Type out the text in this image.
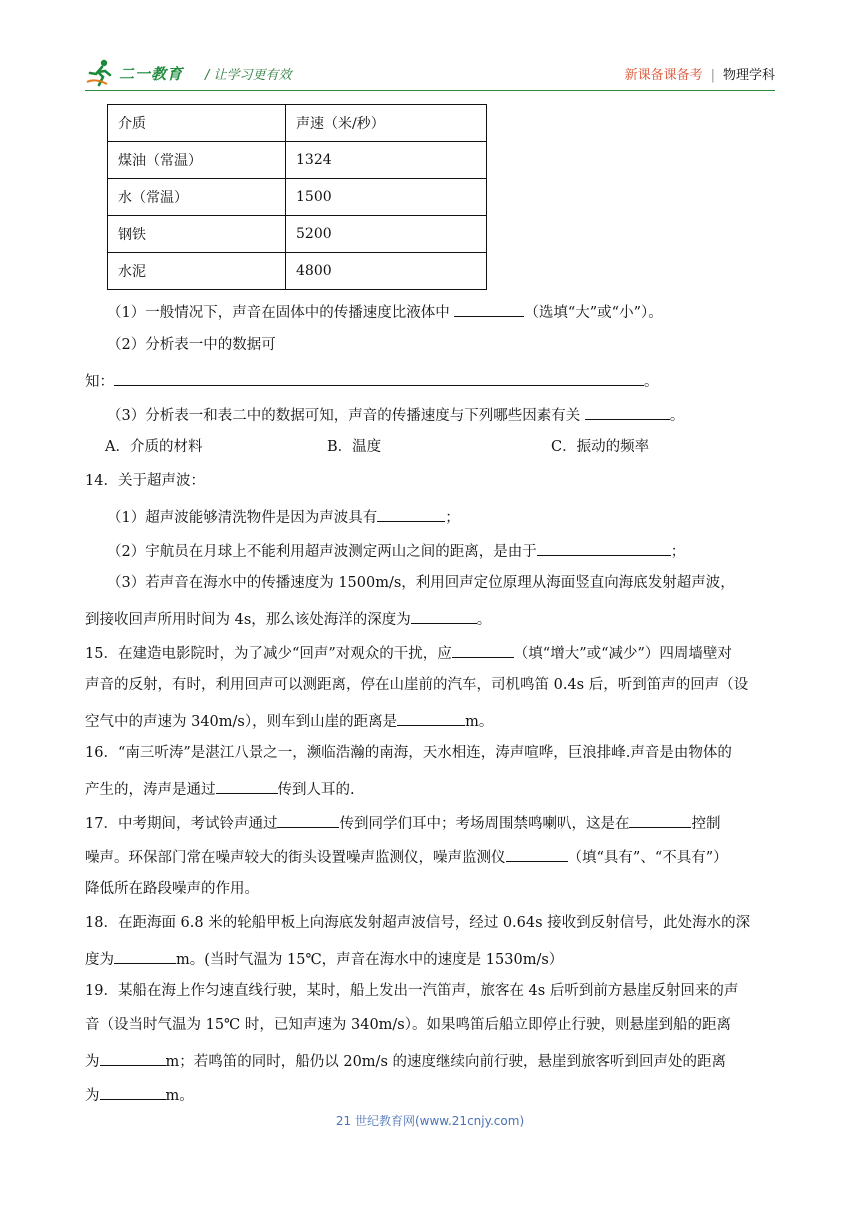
二一教育 / 让学习更有效	新课备课备考 | 物理学科
介质	声速（米/秒）
煤油（常温）	1324
水（常温）	1500
钢铁	5200
水泥	4800
（1）一般情况下，声音在固体中的传播速度比液体中	（选填“大”或“小”）。
（2）分析表一中的数据可
知：	。
（3）分析表一和表二中的数据可知，声音的传播速度与下列哪些因素有关	。
A．介质的材料	B．温度	C．振动的频率
14．关于超声波：
（1）超声波能够清洗物件是因为声波具有	；
（2）宇航员在月球上不能利用超声波测定两山之间的距离，是由于	；
（3）若声音在海水中的传播速度为 1500m/s，利用回声定位原理从海面竖直向海底发射超声波，
到接收回声所用时间为 4s，那么该处海洋的深度为	。
15．在建造电影院时，为了减少“回声”对观众的干扰，应	（填“增大”或“减少”）四周墙壁对
声音的反射，有时，利用回声可以测距离，停在山崖前的汽车，司机鸣笛 0.4s 后，听到笛声的回声（设
空气中的声速为 340m/s），则车到山崖的距离是	m。
16．“南三听涛”是湛江八景之一，濒临浩瀚的南海，天水相连，涛声喧哗，巨浪排峰.声音是由物体的
产生的，涛声是通过	传到人耳的.
17．中考期间，考试铃声通过	传到同学们耳中；考场周围禁鸣喇叭，这是在	控制
噪声。环保部门常在噪声较大的街头设置噪声监测仪，噪声监测仪	（填“具有”、“不具有”）
降低所在路段噪声的作用。
18．在距海面 6.8 米的轮船甲板上向海底发射超声波信号，经过 0.64s 接收到反射信号，此处海水的深
度为	m。(当时气温为 15℃，声音在海水中的速度是 1530m/s）
19．某船在海上作匀速直线行驶，某时，船上发出一汽笛声，旅客在 4s 后听到前方悬崖反射回来的声
音（设当时气温为 15℃ 时，已知声速为 340m/s）。如果鸣笛后船立即停止行驶，则悬崖到船的距离
为	m；若鸣笛的同时，船仍以 20m/s 的速度继续向前行驶，悬崖到旅客听到回声处的距离
为	m。
21 世纪教育网(www.21cnjy.com)
